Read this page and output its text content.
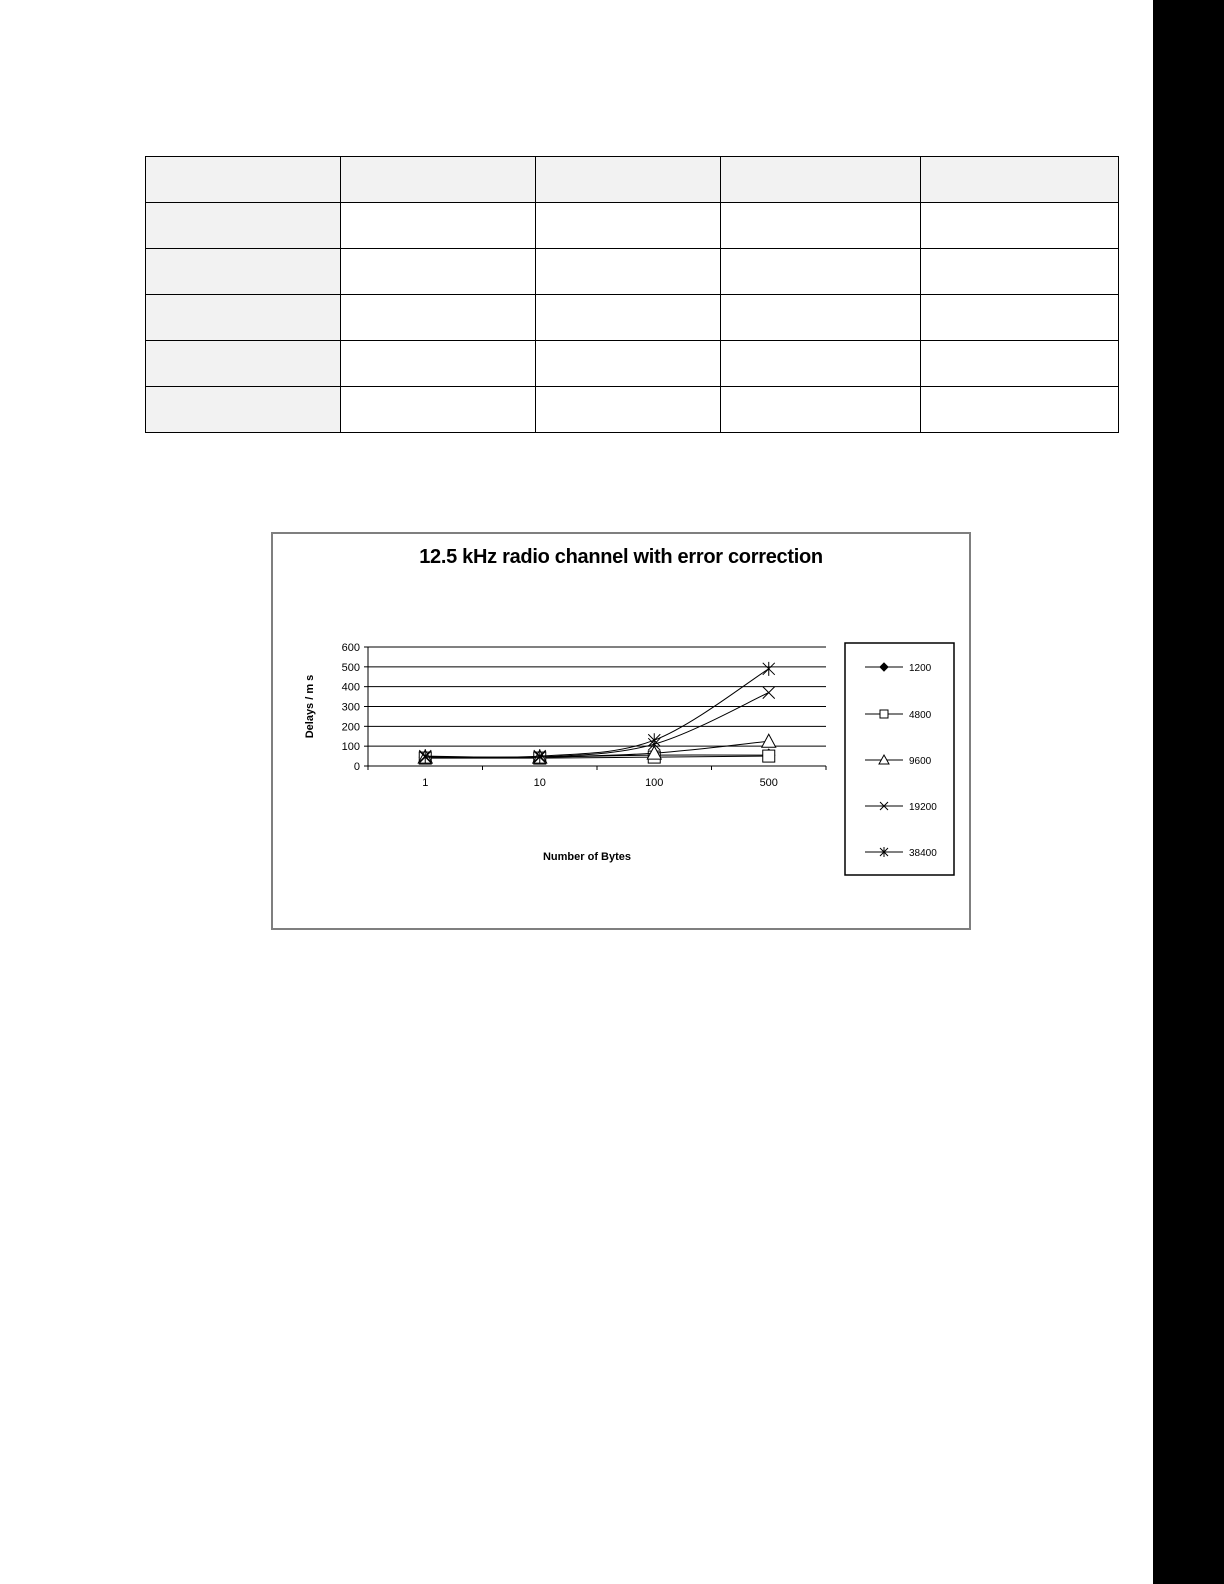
12.5 kHz radio channel with error correction
0
100
200
300
400
500
600
1	10	100	500
Number of Bytes
Delays / m s
1200
4800
9600
19200
38400
